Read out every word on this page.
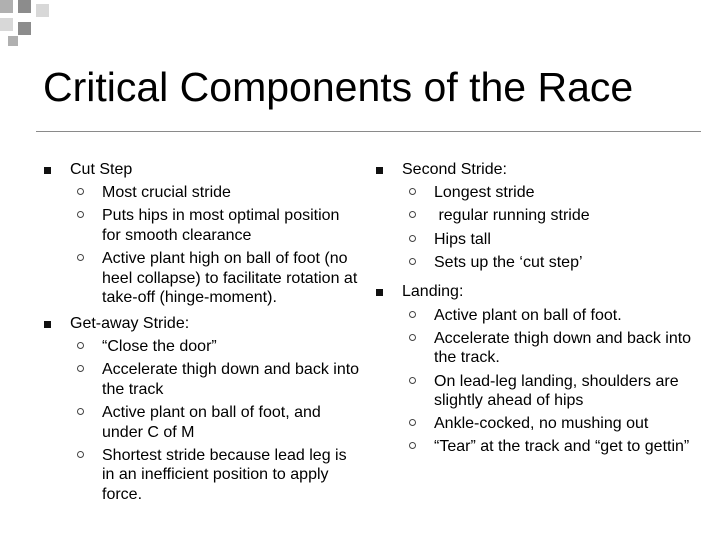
Critical Components of the Race
Cut Step
Most crucial stride
Puts hips in most optimal position for smooth clearance
Active plant high on ball of foot (no heel collapse) to facilitate rotation at take-off (hinge-moment).
Get-away Stride:
“Close the door”
Accelerate thigh down and back into the track
Active plant on ball of foot, and under C of M
Shortest stride because lead leg is in an inefficient position to apply force.
Second Stride:
Longest stride
regular running stride
Hips tall
Sets up the ‘cut step’
Landing:
Active plant on ball of foot.
Accelerate thigh down and back into the track.
On lead-leg landing, shoulders are slightly ahead of hips
Ankle-cocked, no mushing out
“Tear” at the track and “get to gettin”
